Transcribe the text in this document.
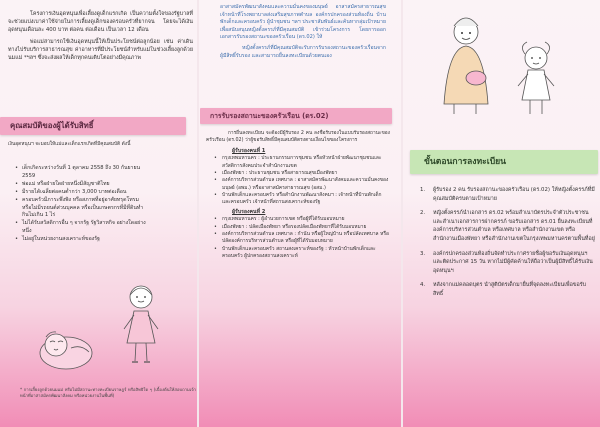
โครงการเงินอุดหนุนเพื่อเลี้ยงดูเด็กแรกเกิด เป็นความตั้งใจของรัฐบาลที่จะช่วยแบ่งเบาค่าใช้จ่ายในการเลี้ยงดูเด็กของครอบครัวที่ยากจน โดยจะได้เงินอุดหนุนเดือนละ 400 บาท ต่อคน ต่อเดือน เป็นเวลา 12 เดือน

พ่อแม่สามารถใช้เงินอุดหนุนนี้ให้เป็นประโยชน์ต่อลูกน้อย เช่น ค่าเดินทางไปรับบริการสาธารณสุข ค่าอาหารที่มีประโยชน์สำหรับแม่ในช่วงเลี้ยงลูกด้วยนมแม่ *ฯลฯ ซึ่งจะส่งผลให้เด็กทุกคนเติบโตอย่างมีคุณภาพ

คุณสมบัติของผู้ได้รับสิทธิ์

เงินอุดหนุนฯ จะมอบให้แม่และเด็กแรกเกิดที่มีคุณสมบัติ ดังนี้

• เด็กเกิดระหว่างวันที่ 1 ตุลาคม 2558 ถึง 30 กันยายน 2559
• พ่อแม่ หรือฝ่ายใดฝ่ายหนึ่งมีสัญชาติไทย
• มีรายได้เฉลี่ยต่อคนต่ำกว่า 3,000 บาทต่อเดือน
• ครอบครัวมีภาระพึ่งพิง หรือสภาพที่อยู่อาศัยทรุดโทรม หรือไม่มีรถยนต์ส่วนบุคคล หรือเป็นเกษตรกรที่มีที่ดินทำกินไม่เกิน 1 ไร่
• ไม่ได้รับสวัสดิการอื่น ๆ จากรัฐ รัฐวิสาหกิจ อย่างใดอย่างหนึ่ง
• ไม่อยู่ในหน่วยงานสงเคราะห์ของรัฐ

* การเลี้ยงลูกด้วยนมแม่ หรือไม่มีสถานะทางทะเบียนราษฎร์ หรือสิทธิใด ๆ (เบื้องต้นให้สอบถามเจ้าหน้าที่อาสาสมัครพัฒนาสังคม หรือหน่วยงานในพื้นที่)

อาสาสมัครพัฒนาสังคมและความมั่นคงของมนุษย์ อาสาสมัครสาธารณสุข เจ้าหน้าที่โรงพยาบาลส่งเสริมสุขภาพตำบล องค์กรปกครองส่วนท้องถิ่น บ้านพักเด็กและครอบครัว ผู้นำชุมชน ฯลฯ ประชาสัมพันธ์และค้นหากลุ่มเป้าหมายเพื่อสนับสนุนหญิงตั้งครรภ์ที่มีคุณสมบัติ เข้าร่วมโครงการ โดยการออกเอกสารรับรองสถานะของครัวเรือน (ดร.02) ให้

หญิงตั้งครรภ์ที่มีคุณสมบัติจะรับการรับรองสถานะของครัวเรือนจากผู้มีสิทธิ์รับรอง และสามารถยื่นลงทะเบียนด้วยตนเอง

การรับรองสถานะของครัวเรือน (ดร.02)

การยื่นลงทะเบียน จะต้องมีผู้รับรอง 2 คน ลงชื่อรับรองในแบบรับรองสถานะของครัวเรือน (ดร.02) ว่าผู้ขอรับสิทธิ์มีคุณสมบัติตรงตามเงื่อนไขของโครงการ

ผู้รับรองคนที่ 1
• กรุงเทพมหานคร : ประธานกรรมการชุมชน หรือหัวหน้าฝ่ายพัฒนาชุมชนและสวัสดิการสังคมประจำสำนักงานเขต
• เมืองพัทยา : ประธานชุมชน หรือสาธารณสุขเมืองพัทยา
• องค์การบริหารส่วนตำบล เทศบาล : อาสาสมัครพัฒนาสังคมและความมั่นคงของมนุษย์ (อพม.) หรืออาสาสมัครสาธารณสุข (อสม.)
• บ้านพักเด็กและครอบครัว หรือสำนักงานพัฒนาสังคมฯ : เจ้าหน้าที่บ้านพักเด็กและครอบครัว เจ้าหน้าที่สถานสงเคราะห์ของรัฐ
ผู้รับรองคนที่ 2
• กรุงเทพมหานคร : ผู้อำนวยการเขต หรือผู้ที่ได้รับมอบหมาย
• เมืองพัทยา : ปลัดเมืองพัทยา หรือรองปลัดเมืองพัทยาที่ได้รับมอบหมาย
• องค์การบริหารส่วนตำบล เทศบาล : กำนัน หรือผู้ใหญ่บ้าน หรือปลัดเทศบาล หรือปลัดองค์การบริหารส่วนตำบล หรือผู้ที่ได้รับมอบหมาย
• บ้านพักเด็กและครอบครัว สถานสงเคราะห์ของรัฐ : หัวหน้าบ้านพักเด็กและครอบครัว ผู้ปกครองสถานสงเคราะห์
ขั้นตอนการลงทะเบียน
1. ผู้รับรอง 2 คน รับรองสถานะของครัวเรือน (ดร.02) ให้หญิงตั้งครรภ์ที่มีคุณสมบัติครบตามเป้าหมาย
2. หญิงตั้งครรภ์นำเอกสาร ดร.02 พร้อมสำเนาบัตรประจำตัวประชาชนและสำเนาเอกสารการฝากครรภ์ ขอรับเอกสาร ดร.01 ยื่นลงทะเบียนที่องค์การบริหารส่วนตำบล หรือเทศบาล หรือสำนักงานเขต หรือสำนักงานเมืองพัทยา หรือสำนักงานเขตในกรุงเทพมหานครตามพื้นที่อยู่
3. องค์กรปกครองส่วนท้องถิ่นจัดทำประกาศรายชื่อผู้ขอรับเงินอุดหนุนฯ และติดประกาศ 15 วัน หากไม่มีผู้คัดค้านให้ถือว่าเป็นผู้มีสิทธิ์ได้รับเงินอุดหนุนฯ
4. หลังจากแม่คลอดบุตร นำสูติบัตรเด็กมายื่นที่จุดลงทะเบียนเพื่อขอรับสิทธิ์
